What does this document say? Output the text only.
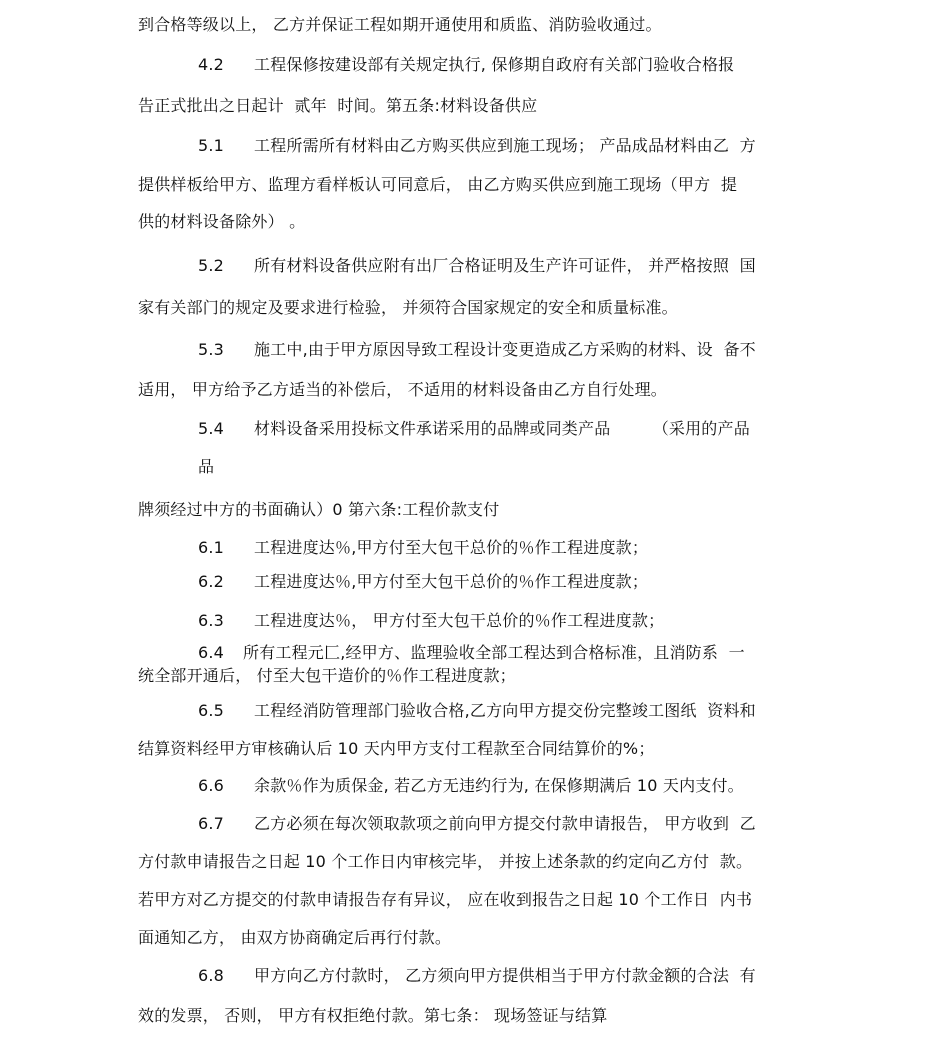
到合格等级以上， 乙方并保证工程如期开通使用和质监、消防验收通过。
4.2 工程保修按建设部有关规定执行, 保修期自政府有关部门验收合格报
告正式批出之日起计  贰年  时间。第五条:材料设备供应
5.1 工程所需所有材料由乙方购买供应到施工现场； 产品成品材料由乙  方
提供样板给甲方、监理方看样板认可同意后， 由乙方购买供应到施工现场（甲方  提
供的材料设备除外） 。
5.2 所有材料设备供应附有出厂合格证明及生产许可证件， 并严格按照  国
家有关部门的规定及要求进行检验， 并须符合国家规定的安全和质量标准。
5.3 施工中,由于甲方原因导致工程设计变更造成乙方采购的材料、设  备不
适用， 甲方给予乙方适当的补偿后， 不适用的材料设备由乙方自行处理。
5.4 材料设备采用投标文件承诺采用的品牌或同类产品        （采用的产品
品
牌须经过中方的书面确认）0 第六条:工程价款支付
6.1 工程进度达％,甲方付至大包干总价的％作工程进度款；
6.2 工程进度达％,甲方付至大包干总价的％作工程进度款；
6.3 工程进度达％， 甲方付至大包干总价的％作工程进度款；
6.4 所有工程元匚,经甲方、监理验收全部工程达到合格标准，且消防系  一
统全部开通后， 付至大包干造价的％作工程进度款；
6.5 工程经消防管理部门验收合格,乙方向甲方提交份完整竣工图纸  资料和
结算资料经甲方审核确认后 10 天内甲方支付工程款至合同结算价的%；
6.6 余款％作为质保金, 若乙方无违约行为, 在保修期满后 10 天内支付。
6.7 乙方必须在每次领取款项之前向甲方提交付款申请报告， 甲方收到  乙
方付款申请报告之日起 10 个工作日内审核完毕， 并按上述条款的约定向乙方付  款。
若甲方对乙方提交的付款申请报告存有异议， 应在收到报告之日起 10 个工作日  内书
面通知乙方， 由双方协商确定后再行付款。
6.8 甲方向乙方付款时， 乙方须向甲方提供相当于甲方付款金额的合法  有
效的发票， 否则， 甲方有权拒绝付款。第七条： 现场签证与结算
